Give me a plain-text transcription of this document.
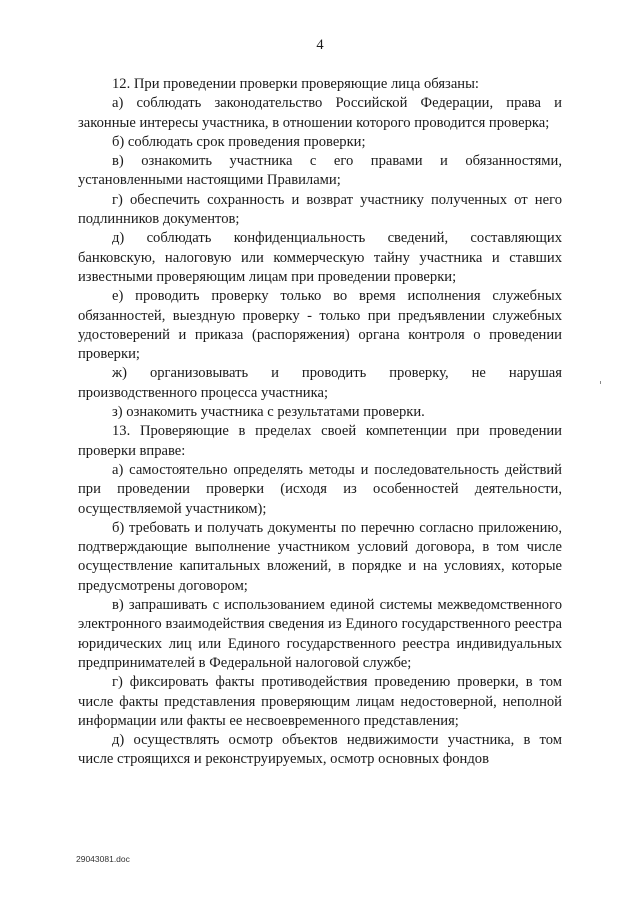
4

12. При проведении проверки проверяющие лица обязаны:

а) соблюдать законодательство Российской Федерации, права и законные интересы участника, в отношении которого проводится проверка;

б) соблюдать срок проведения проверки;

в) ознакомить участника с его правами и обязанностями, установленными настоящими Правилами;

г) обеспечить сохранность и возврат участнику полученных от него подлинников документов;

д) соблюдать конфиденциальность сведений, составляющих банковскую, налоговую или коммерческую тайну участника и ставших известными проверяющим лицам при проведении проверки;

е) проводить проверку только во время исполнения служебных обязанностей, выездную проверку - только при предъявлении служебных удостоверений и приказа (распоряжения) органа контроля о проведении проверки;

ж) организовывать и проводить проверку, не нарушая производственного процесса участника;

з) ознакомить участника с результатами проверки.

13. Проверяющие в пределах своей компетенции при проведении проверки вправе:

а) самостоятельно определять методы и последовательность действий при проведении проверки (исходя из особенностей деятельности, осуществляемой участником);

б) требовать и получать документы по перечню согласно приложению, подтверждающие выполнение участником условий договора, в том числе осуществление капитальных вложений, в порядке и на условиях, которые предусмотрены договором;

в) запрашивать с использованием единой системы межведомственного электронного взаимодействия сведения из Единого государственного реестра юридических лиц или Единого государственного реестра индивидуальных предпринимателей в Федеральной налоговой службе;

г) фиксировать факты противодействия проведению проверки, в том числе факты представления проверяющим лицам недостоверной, неполной информации или факты ее несвоевременного представления;

д) осуществлять осмотр объектов недвижимости участника, в том числе строящихся и реконструируемых, осмотр основных фондов

29043081.doc
